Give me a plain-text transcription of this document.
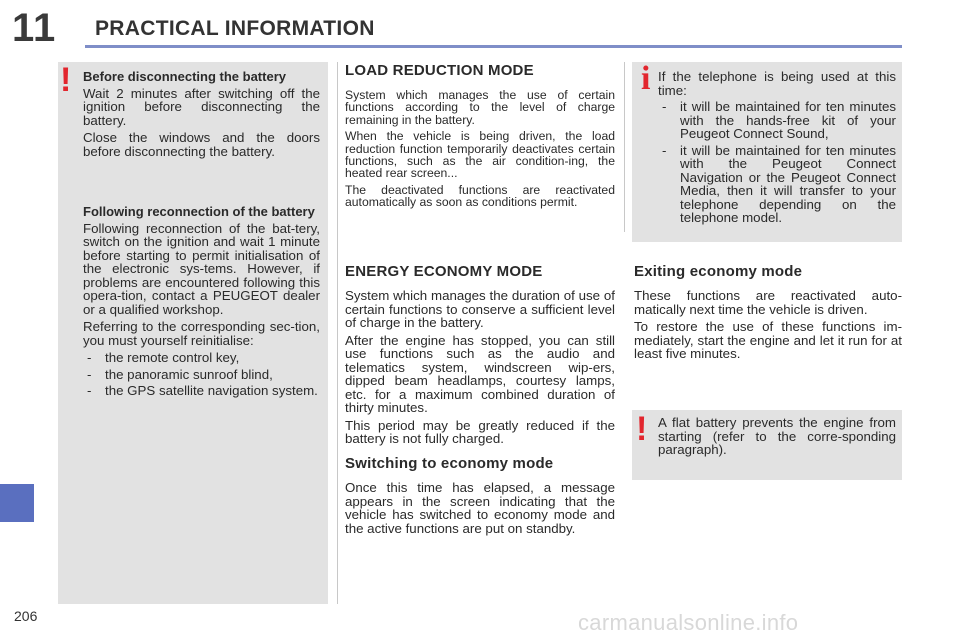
11 PRACTICAL INFORMATION
! Before disconnecting the battery

Wait 2 minutes after switching off the ignition before disconnecting the battery.

Close the windows and the doors before disconnecting the battery.

Following reconnection of the battery

Following reconnection of the bat-tery, switch on the ignition and wait 1 minute before starting to permit initialisation of the electronic sys-tems. However, if problems are encountered following this opera-tion, contact a PEUGEOT dealer or a qualified workshop.

Referring to the corresponding sec-tion, you must yourself reinitialise:

- the remote control key,
- the panoramic sunroof blind,
- the GPS satellite navigation system.
LOAD REDUCTION MODE

System which manages the use of certain functions according to the level of charge remaining in the battery.

When the vehicle is being driven, the load reduction function temporarily deactivates certain functions, such as the air condition-ing, the heated rear screen...

The deactivated functions are reactivated automatically as soon as conditions permit.

i If the telephone is being used at this time:

- it will be maintained for ten minutes with the hands-free kit of your Peugeot Connect Sound,
- it will be maintained for ten minutes with the Peugeot Connect Navigation or the Peugeot Connect Media, then it will transfer to your telephone depending on the telephone model.
ENERGY ECONOMY MODE

System which manages the duration of use of certain functions to conserve a sufficient level of charge in the battery.

After the engine has stopped, you can still use functions such as the audio and telematics system, windscreen wip-ers, dipped beam headlamps, courtesy lamps, etc. for a maximum combined duration of thirty minutes.

This period may be greatly reduced if the battery is not fully charged.

Switching to economy mode

Once this time has elapsed, a message appears in the screen indicating that the vehicle has switched to economy mode and the active functions are put on standby.

Exiting economy mode

These functions are reactivated auto-matically next time the vehicle is driven.

To restore the use of these functions im-mediately, start the engine and let it run for at least five minutes.

! A flat battery prevents the engine from starting (refer to the corre-sponding paragraph).

206	carmanualsonline.info
